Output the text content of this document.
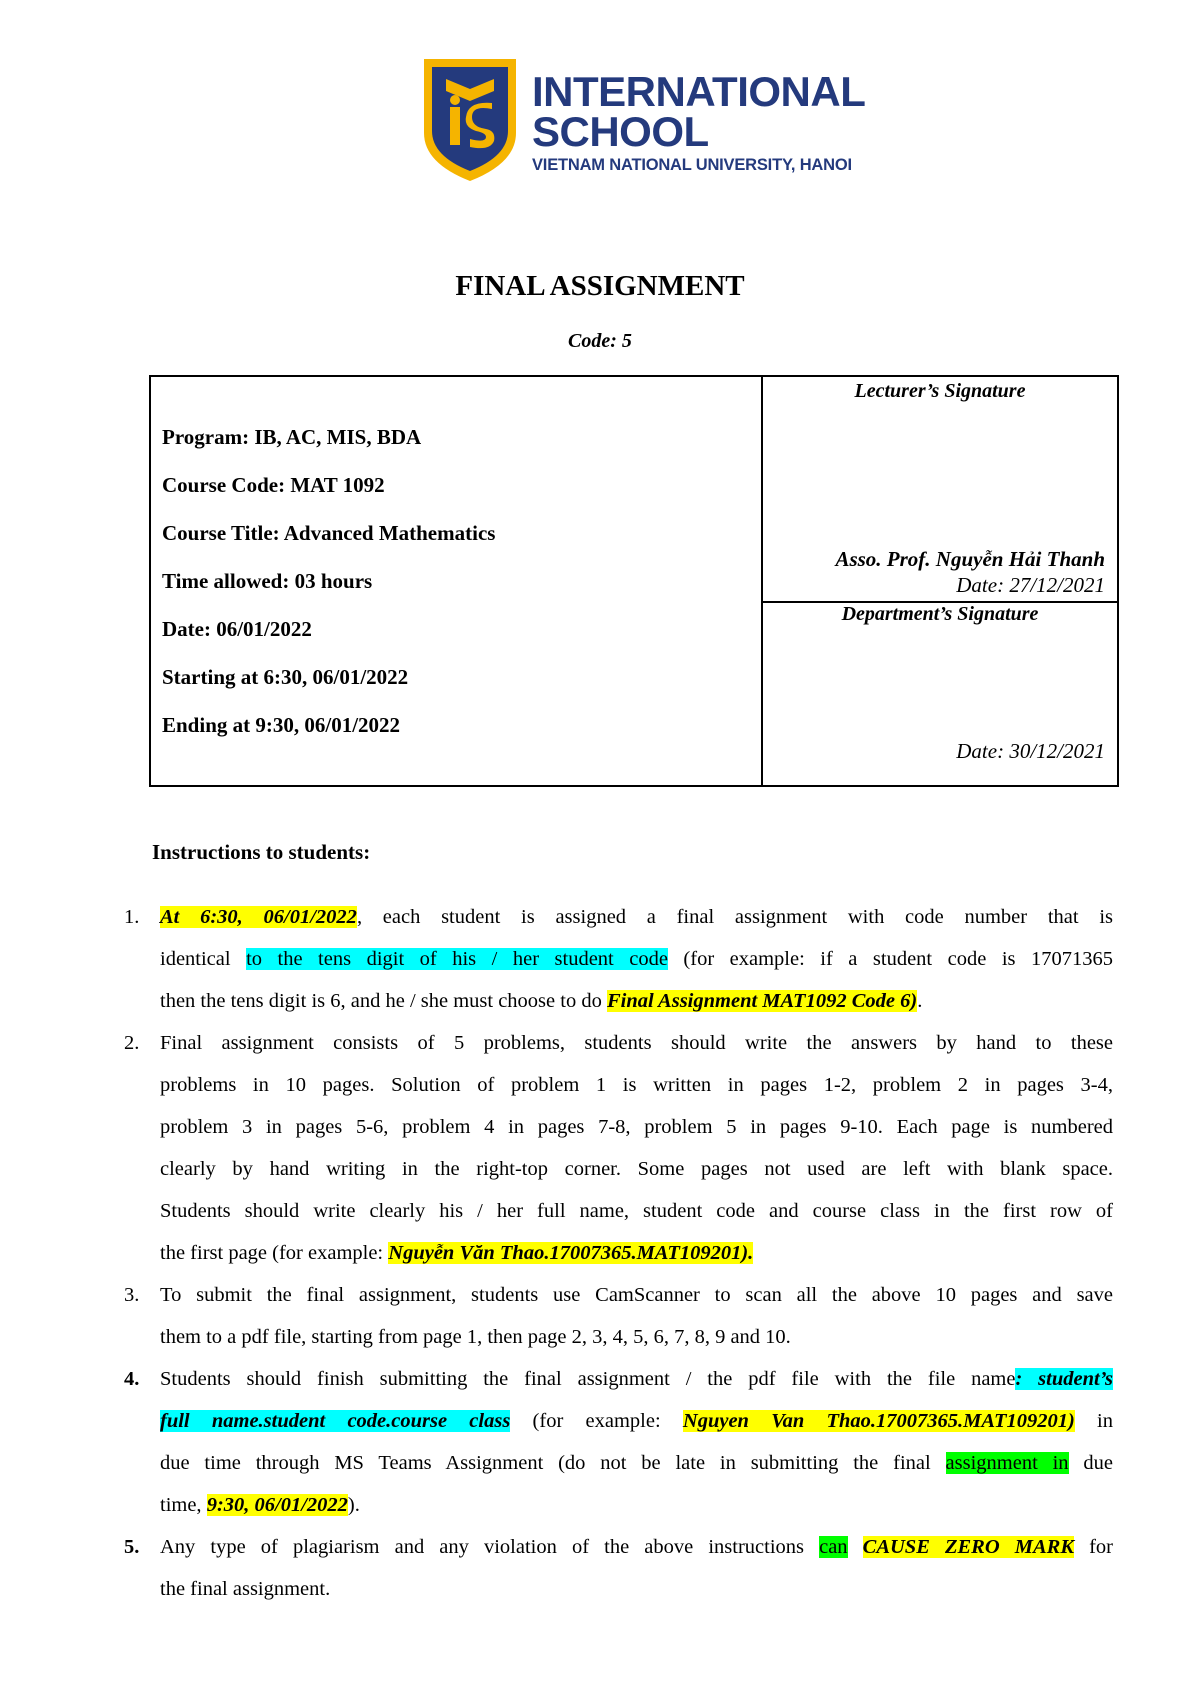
INTERNATIONAL
SCHOOL
VIETNAM NATIONAL UNIVERSITY, HANOI
FINAL ASSIGNMENT
Code: 5
Program: IB, AC, MIS, BDA
Course Code: MAT 1092
Course Title: Advanced Mathematics
Time allowed: 03 hours
Date: 06/01/2022
Starting at 6:30, 06/01/2022
Ending at 9:30, 06/01/2022
Lecturer’s Signature
Asso. Prof. Nguyễn Hải Thanh
Date: 27/12/2021
Department’s Signature
Date: 30/12/2021
Instructions to students:
1. At 6:30, 06/01/2022, each student is assigned a final assignment with code number that is
identical to the tens digit of his / her student code (for example: if a student code is 17071365
then the tens digit is 6, and he / she must choose to do Final Assignment MAT1092 Code 6).
2. Final assignment consists of 5 problems, students should write the answers by hand to these
problems in 10 pages. Solution of problem 1 is written in pages 1-2, problem 2 in pages 3-4,
problem 3 in pages 5-6, problem 4 in pages 7-8, problem 5 in pages 9-10. Each page is numbered
clearly by hand writing in the right-top corner. Some pages not used are left with blank space.
Students should write clearly his / her full name, student code and course class in the first row of
the first page (for example: Nguyễn Văn Thao.17007365.MAT109201).
3. To submit the final assignment, students use CamScanner to scan all the above 10 pages and save
them to a pdf file, starting from page 1, then page 2, 3, 4, 5, 6, 7, 8, 9 and 10.
4. Students should finish submitting the final assignment / the pdf file with the file name: student’s
full name.student code.course class (for example: Nguyen Van Thao.17007365.MAT109201) in
due time through MS Teams Assignment (do not be late in submitting the final assignment in due
time, 9:30, 06/01/2022).
5. Any type of plagiarism and any violation of the above instructions can CAUSE ZERO MARK for
the final assignment.
